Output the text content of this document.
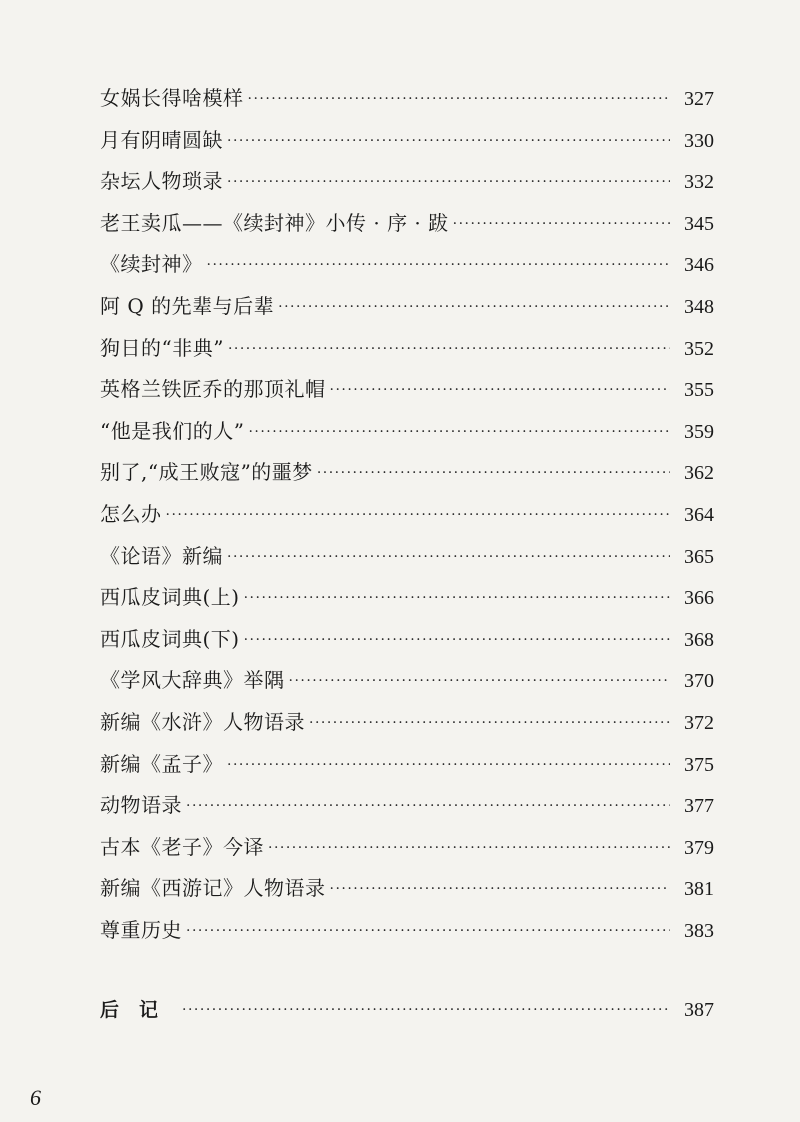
女娲长得啥模样 ·····	327
月有阴晴圆缺 ·····	330
杂坛人物琐录 ·····	332
老王卖瓜——《续封神》小传 · 序 · 跋 ·····	345
《续封神》 ·····	346
阿 Q 的先辈与后辈 ·····	348
狗日的“非典” ·····	352
英格兰铁匠乔的那顶礼帽 ·····	355
“他是我们的人” ·····	359
别了,“成王败寇”的噩梦 ·····	362
怎么办 ·····	364
《论语》新编 ·····	365
西瓜皮词典(上) ·····	366
西瓜皮词典(下) ·····	368
《学风大辞典》举隅 ·····	370
新编《水浒》人物语录 ·····	372
新编《孟子》 ·····	375
动物语录 ·····	377
古本《老子》今译 ·····	379
新编《西游记》人物语录 ·····	381
尊重历史 ·····	383
后记 ·····	387
6
